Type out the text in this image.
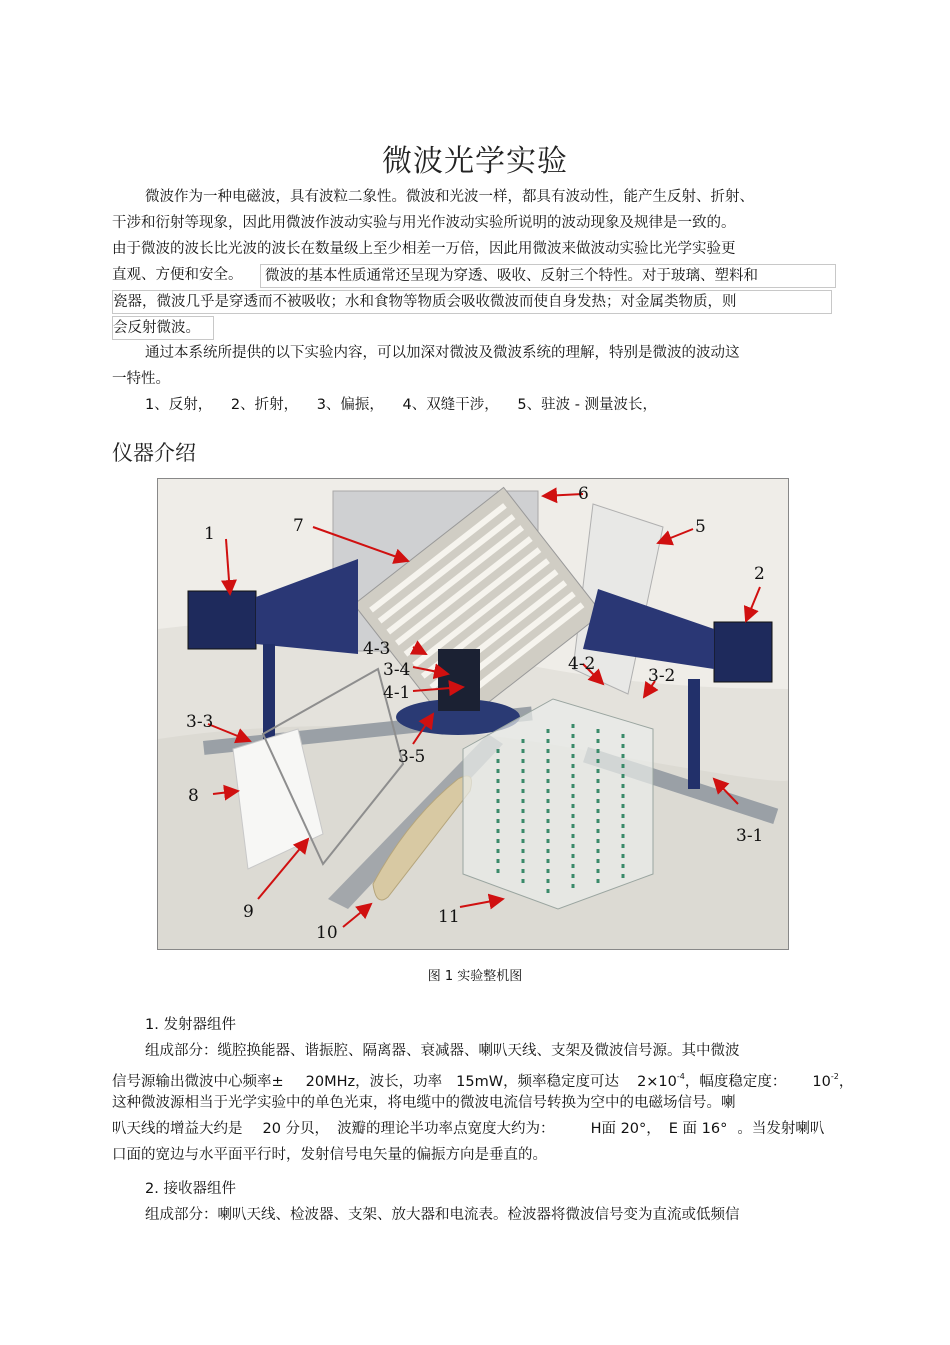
微波光学实验
微波作为一种电磁波，具有波粒二象性。微波和光波一样，都具有波动性，能产生反射、折射、
干涉和衍射等现象，因此用微波作波动实验与用光作波动实验所说明的波动现象及规律是一致的。
由于微波的波长比光波的波长在数量级上至少相差一万倍，因此用微波来做波动实验比光学实验更
直观、方便和安全。	微波的基本性质通常还呈现为穿透、吸收、反射三个特性。对于玻璃、塑料和
瓷器，微波几乎是穿透而不被吸收；水和食物等物质会吸收微波而使自身发热；对金属类物质，则
会反射微波。
通过本系统所提供的以下实验内容，可以加深对微波及微波系统的理解，特别是微波的波动这
一特性。
1、反射， 2、折射， 3、偏振， 4、双缝干涉， 5、驻波 - 测量波长，
仪器介绍
1
2
3-1
3-2
3-3
3-4
3-5
4-1
4-2
4-3
5
6
7
8
9
10
11
图 1 实验整机图
1. 发射器组件
组成部分：缆腔换能器、谐振腔、隔离器、衰减器、喇叭天线、支架及微波信号源。其中微波
信号源输出微波中心频率± 20MHz，波长，功率 15mW，频率稳定度可达 $2\times 10^{-4}$，幅度稳定度： $10^{-2}$，
这种微波源相当于光学实验中的单色光束，将电缆中的微波电流信号转换为空中的电磁场信号。喇
叭天线的增益大约是 20 分贝， 波瓣的理论半功率点宽度大约为： H面 20°， E 面 16° 。当发射喇叭
口面的宽边与水平面平行时，发射信号电矢量的偏振方向是垂直的。
2. 接收器组件
组成部分：喇叭天线、检波器、支架、放大器和电流表。检波器将微波信号变为直流或低频信
